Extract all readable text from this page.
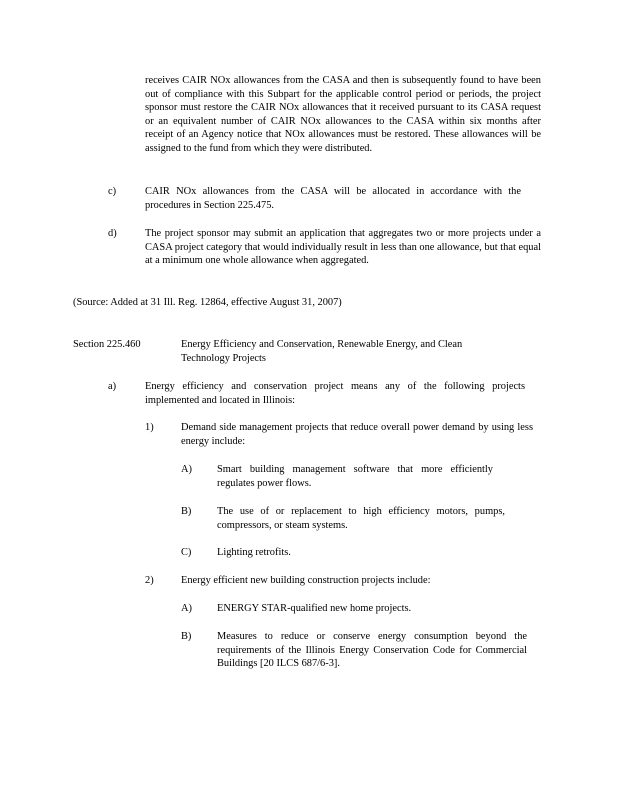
receives CAIR NOx allowances from the CASA and then is subsequently found to have been out of compliance with this Subpart for the applicable control period or periods, the project sponsor must restore the CAIR NOx allowances that it received pursuant to its CASA request or an equivalent number of CAIR NOx allowances to the CASA within six months after receipt of an Agency notice that NOx allowances must be restored. These allowances will be assigned to the fund from which they were distributed.

c)	CAIR NOx allowances from the CASA will be allocated in accordance with the procedures in Section 225.475.

d)	The project sponsor may submit an application that aggregates two or more projects under a CASA project category that would individually result in less than one allowance, but that equal at a minimum one whole allowance when aggregated.

(Source: Added at 31 Ill. Reg. 12864, effective August 31, 2007)

Section 225.460	Energy Efficiency and Conservation, Renewable Energy, and Clean Technology Projects

a)	Energy efficiency and conservation project means any of the following projects implemented and located in Illinois:

1)	Demand side management projects that reduce overall power demand by using less energy include:

A) Smart building management software that more efficiently regulates power flows.

B) The use of or replacement to high efficiency motors, pumps, compressors, or steam systems.

C) Lighting retrofits.

2)	Energy efficient new building construction projects include:

A) ENERGY STAR-qualified new home projects.

B) Measures to reduce or conserve energy consumption beyond the requirements of the Illinois Energy Conservation Code for Commercial Buildings [20 ILCS 687/6-3].
